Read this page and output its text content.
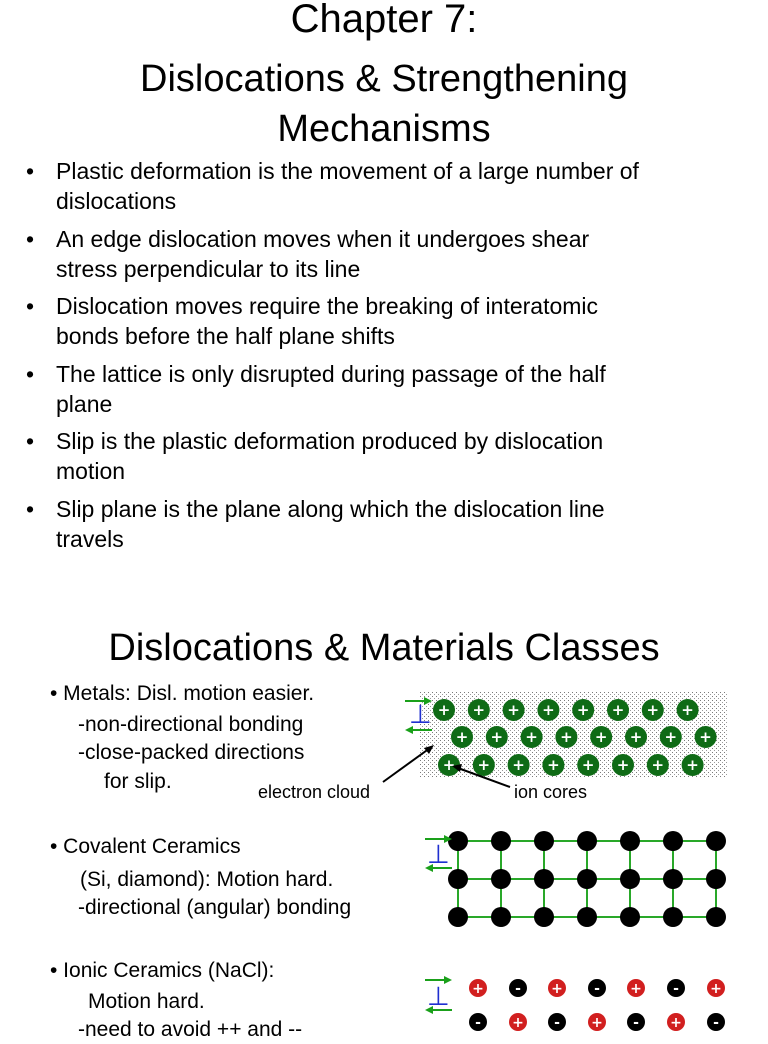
Chapter 7:
Dislocations & Strengthening
Mechanisms
• Plastic deformation is the movement of a large number of
dislocations
• An edge dislocation moves when it undergoes shear
stress perpendicular to its line
• Dislocation moves require the breaking of interatomic
bonds before the half plane shifts
• The lattice is only disrupted during passage of the half
plane
• Slip is the plastic deformation produced by dislocation
motion
• Slip plane is the plane along which the dislocation line
travels
Dislocations & Materials Classes
• Metals: Disl. motion easier.
-non-directional bonding
-close-packed directions
for slip.	electron cloud	ion cores
+ + + + + + + +
+ + + + + + + +
+ + + + + + + +
⊥
• Covalent Ceramics
(Si, diamond): Motion hard.
-directional (angular) bonding
⊥
• Ionic Ceramics (NaCl):
Motion hard.
-need to avoid ++ and --
+ - + - + - +
- + - + - + -
⊥
